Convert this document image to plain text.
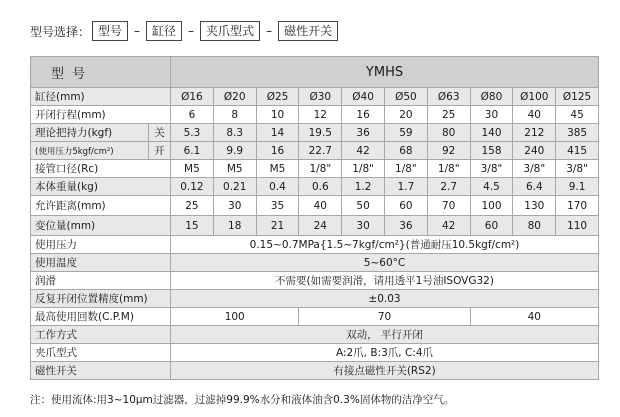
型号选择： 型号	–	缸径	–	夹爪型式	–	磁性开关
型 号		YMHS									
缸径(mm)		Ø16	Ø20	Ø25	Ø30	Ø40	Ø50	Ø63	Ø80	Ø100	Ø125
开闭行程(mm)		6	8	10	12	16	20	25	30	40	45
理论把持力(kgf)	关	5.3	8.3	14	19.5	36	59	80	140	212	385
(使用压力5kgf/cm²)	开	6.1	9.9	16	22.7	42	68	92	158	240	415
接管口径(Rc)		M5	M5	M5	1/8"	1/8"	1/8"	1/8"	3/8"	3/8"	3/8"
本体重量(kg)		0.12	0.21	0.4	0.6	1.2	1.7	2.7	4.5	6.4	9.1
允许距离(mm)		25	30	35	40	50	60	70	100	130	170
变位量(mm)		15	18	21	24	30	36	42	60	80	110
使用压力		0.15~0.7MPa{1.5~7kgf/cm²}(普通耐压10.5kgf/cm²)									
使用温度		5~60°C									
润滑		不需要(如需要润滑，请用透平1号油ISOVG32)									
反复开闭位置精度(mm)		±0.03									
最高使用回数(C.P.M)		100			70				40		
工作方式		双动， 平行开闭									
夹爪型式		A:2爪, B:3爪, C:4爪									
磁性开关		有接点磁性开关(RS2)									
注：使用流体:用3~10μm过滤器，过滤掉99.9%水分和液体油含0.3%固体物的洁净空气。
